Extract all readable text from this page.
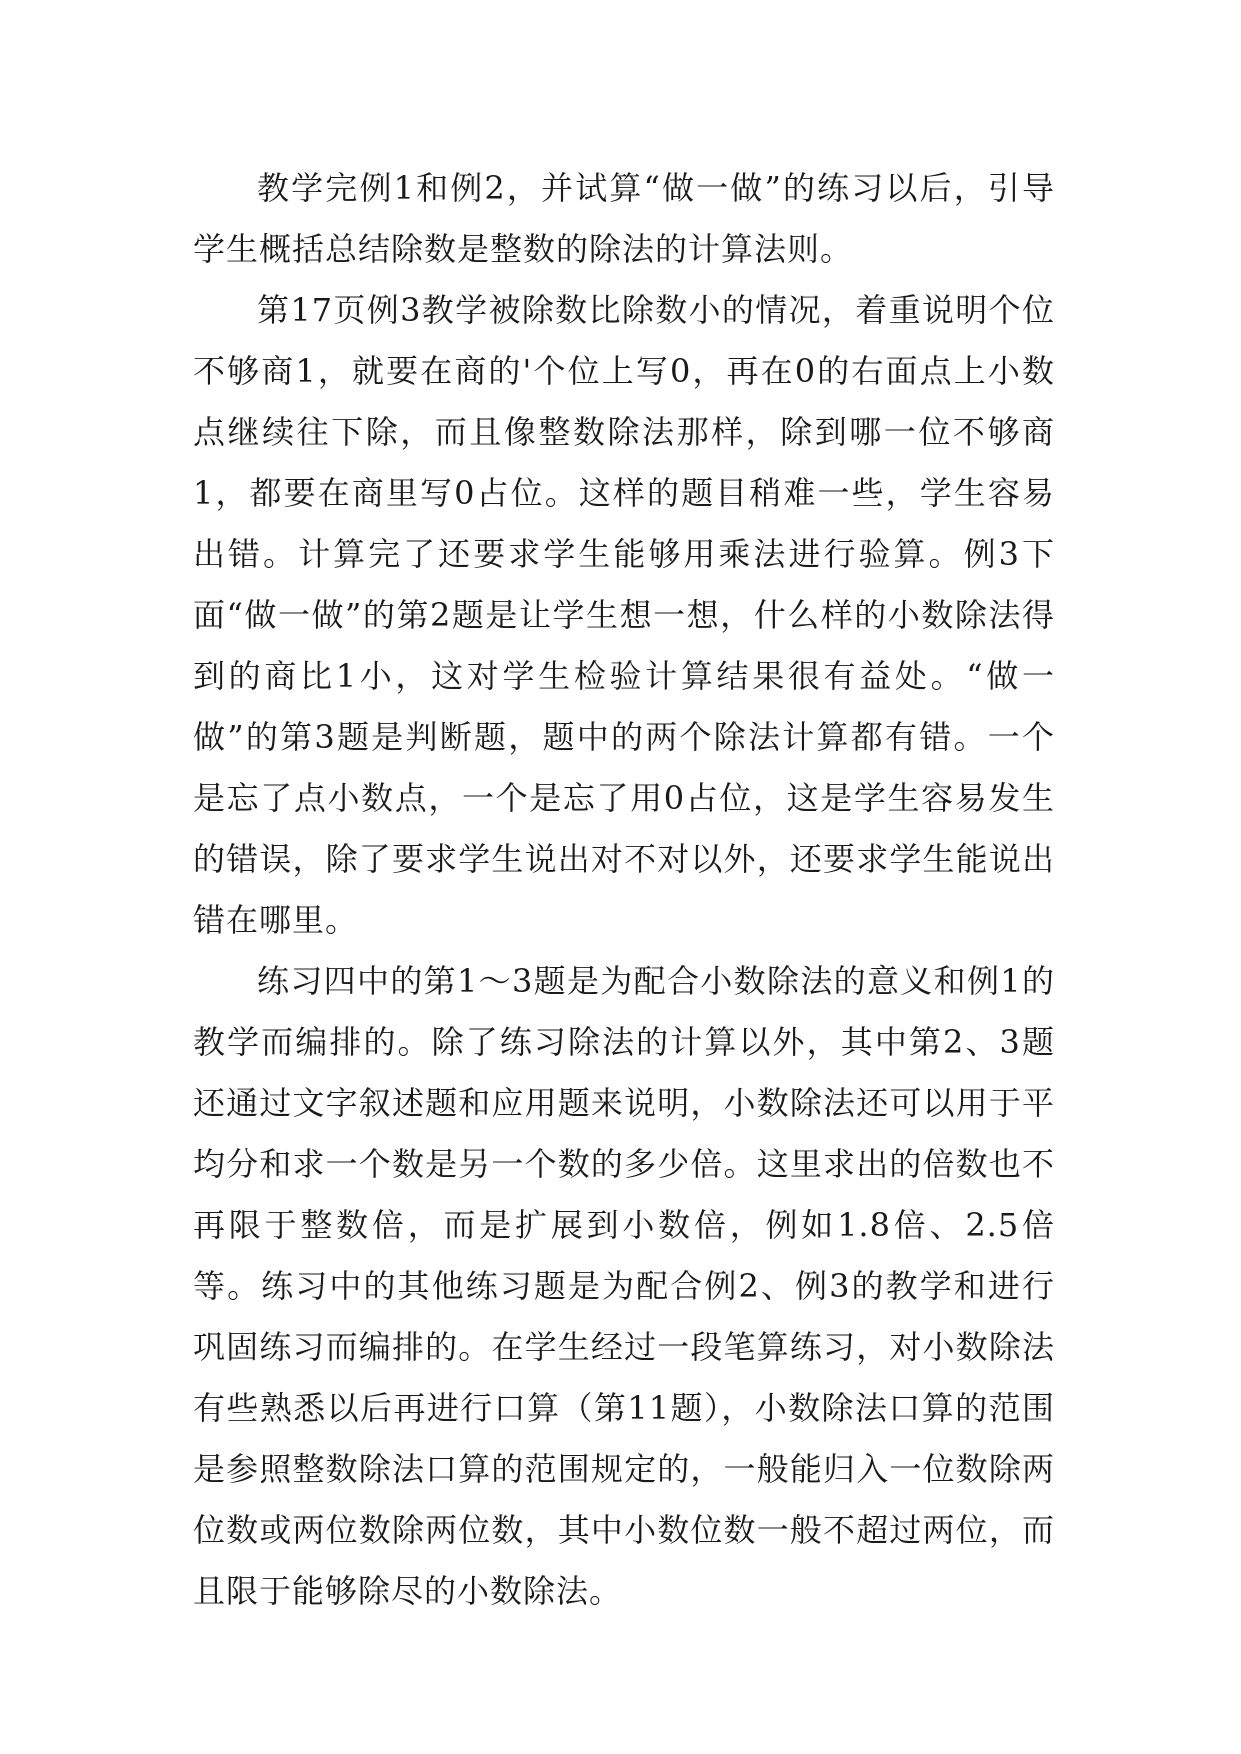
教学完例1和例2，并试算“做一做”的练习以后，引导学生概括总结除数是整数的除法的计算法则。

第17页例3教学被除数比除数小的情况，着重说明个位不够商1，就要在商的'个位上写0，再在0的右面点上小数点继续往下除，而且像整数除法那样，除到哪一位不够商1，都要在商里写0占位。这样的题目稍难一些，学生容易出错。计算完了还要求学生能够用乘法进行验算。例3下面“做一做”的第2题是让学生想一想，什么样的小数除法得到的商比1小，这对学生检验计算结果很有益处。“做一做”的第3题是判断题，题中的两个除法计算都有错。一个是忘了点小数点，一个是忘了用0占位，这是学生容易发生的错误，除了要求学生说出对不对以外，还要求学生能说出错在哪里。

练习四中的第1～3题是为配合小数除法的意义和例1的教学而编排的。除了练习除法的计算以外，其中第2、3题还通过文字叙述题和应用题来说明，小数除法还可以用于平均分和求一个数是另一个数的多少倍。这里求出的倍数也不再限于整数倍，而是扩展到小数倍，例如1.8倍、2.5倍等。练习中的其他练习题是为配合例2、例3的教学和进行巩固练习而编排的。在学生经过一段笔算练习，对小数除法有些熟悉以后再进行口算（第11题），小数除法口算的范围是参照整数除法口算的范围规定的，一般能归入一位数除两位数或两位数除两位数，其中小数位数一般不超过两位，而且限于能够除尽的小数除法。
